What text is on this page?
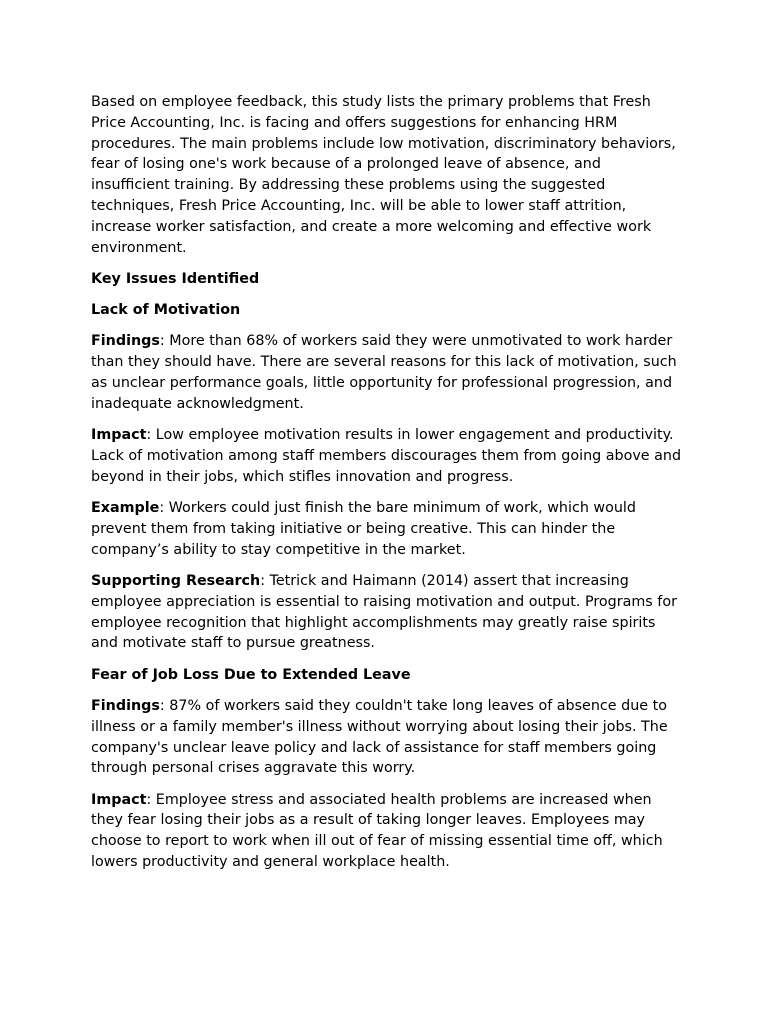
Based on employee feedback, this study lists the primary problems that Fresh Price Accounting, Inc. is facing and offers suggestions for enhancing HRM procedures. The main problems include low motivation, discriminatory behaviors, fear of losing one's work because of a prolonged leave of absence, and insufficient training. By addressing these problems using the suggested techniques, Fresh Price Accounting, Inc. will be able to lower staff attrition, increase worker satisfaction, and create a more welcoming and effective work environment.

Key Issues Identified

Lack of Motivation

Findings: More than 68% of workers said they were unmotivated to work harder than they should have. There are several reasons for this lack of motivation, such as unclear performance goals, little opportunity for professional progression, and inadequate acknowledgment.

Impact: Low employee motivation results in lower engagement and productivity. Lack of motivation among staff members discourages them from going above and beyond in their jobs, which stifles innovation and progress.

Example: Workers could just finish the bare minimum of work, which would prevent them from taking initiative or being creative. This can hinder the company’s ability to stay competitive in the market.

Supporting Research: Tetrick and Haimann (2014) assert that increasing employee appreciation is essential to raising motivation and output. Programs for employee recognition that highlight accomplishments may greatly raise spirits and motivate staff to pursue greatness.

Fear of Job Loss Due to Extended Leave

Findings: 87% of workers said they couldn't take long leaves of absence due to illness or a family member's illness without worrying about losing their jobs. The company's unclear leave policy and lack of assistance for staff members going through personal crises aggravate this worry.

Impact: Employee stress and associated health problems are increased when they fear losing their jobs as a result of taking longer leaves. Employees may choose to report to work when ill out of fear of missing essential time off, which lowers productivity and general workplace health.
